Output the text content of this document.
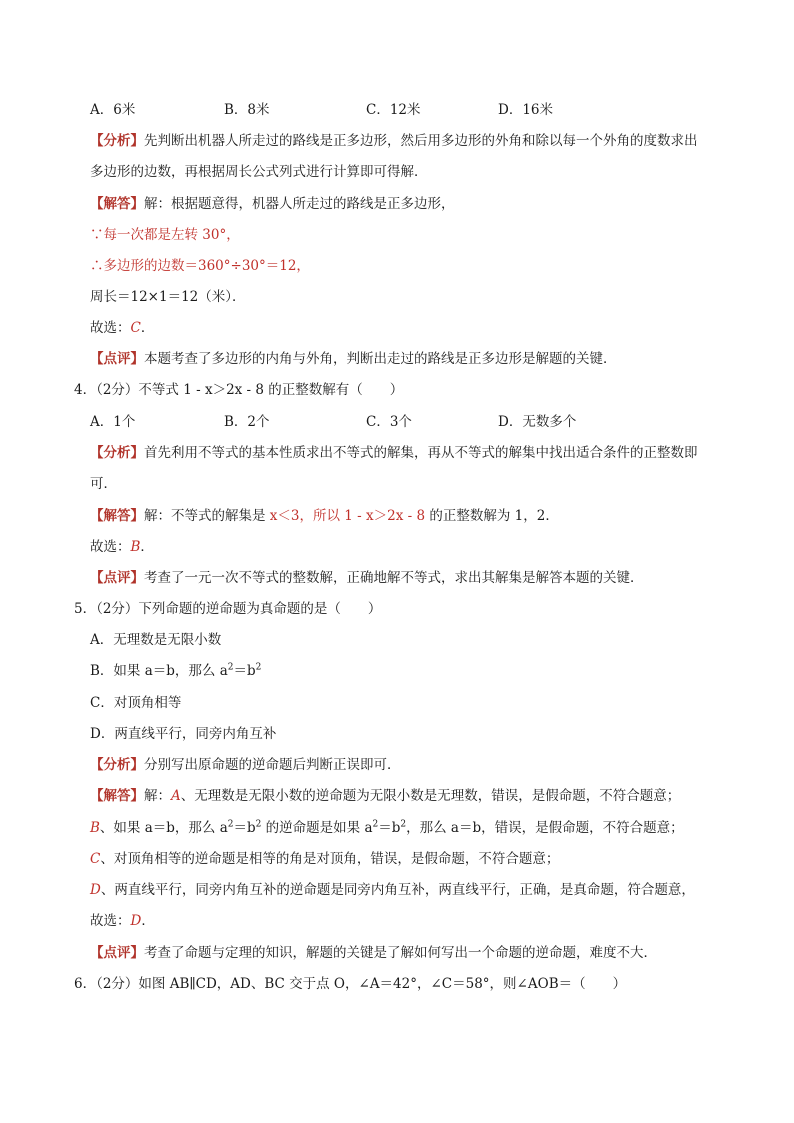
A．6米	B．8米	C．12米	D．16米
【分析】先判断出机器人所走过的路线是正多边形，然后用多边形的外角和除以每一个外角的度数求出
多边形的边数，再根据周长公式列式进行计算即可得解．
【解答】解：根据题意得，机器人所走过的路线是正多边形，
∵每一次都是左转 30°，
∴多边形的边数＝360°÷30°＝12，
周长＝12×1＝12（米）．
故选：C．
【点评】本题考查了多边形的内角与外角，判断出走过的路线是正多边形是解题的关键．
4．（2分）不等式 1 - x＞2x - 8 的正整数解有（　　）
A．1个	B．2个	C．3个	D．无数多个
【分析】首先利用不等式的基本性质求出不等式的解集，再从不等式的解集中找出适合条件的正整数即
可．
【解答】解：不等式的解集是 x＜3，所以 1 - x＞2x - 8 的正整数解为 1，2．
故选：B．
【点评】考查了一元一次不等式的整数解，正确地解不等式，求出其解集是解答本题的关键．
5．（2分）下列命题的逆命题为真命题的是（　　）
A．无理数是无限小数
B．如果 a＝b，那么 $a^2=b^2$
C．对顶角相等
D．两直线平行，同旁内角互补
【分析】分别写出原命题的逆命题后判断正误即可．
【解答】解：A、无理数是无限小数的逆命题为无限小数是无理数，错误，是假命题，不符合题意；
B、如果 a＝b，那么 $a^2=b^2$ 的逆命题是如果 $a^2=b^2$，那么 a＝b，错误，是假命题，不符合题意；
C、对顶角相等的逆命题是相等的角是对顶角，错误，是假命题，不符合题意；
D、两直线平行，同旁内角互补的逆命题是同旁内角互补，两直线平行，正确，是真命题，符合题意，
故选：D．
【点评】考查了命题与定理的知识，解题的关键是了解如何写出一个命题的逆命题，难度不大．
6．（2分）如图 AB∥CD，AD、BC 交于点 O，∠A＝42°，∠C＝58°，则∠AOB＝（　　）
